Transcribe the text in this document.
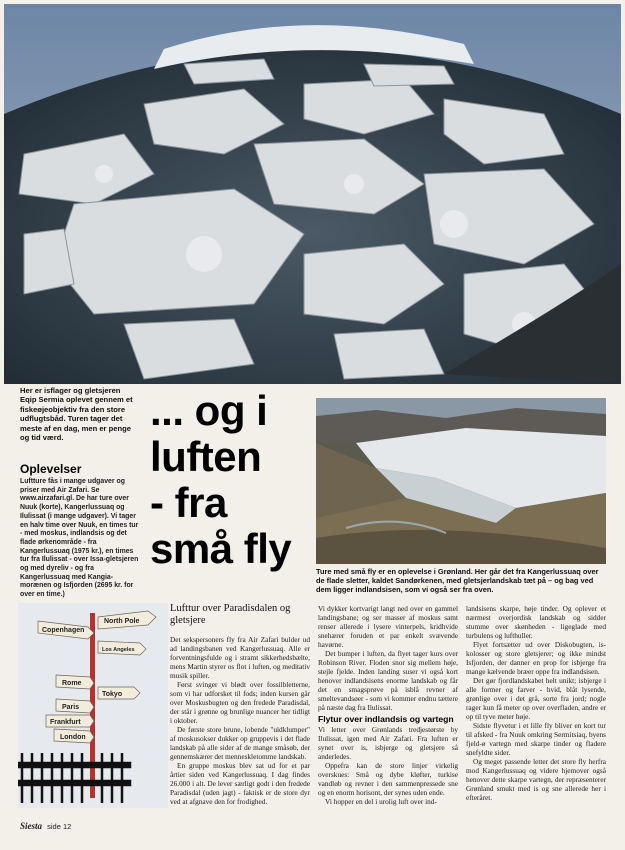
Her er isflager og gletsjeren Eqip Sermia oplevet gennem et fiskeøjeobjektiv fra den store udflugtsbåd. Turen tager det meste af en dag, men er penge og tid værd.
Oplevelser

Luftture fås i mange udgaver og priser med Air Zafari. Se www.airzafari.gl. De har ture over Nuuk (korte), Kangerlussuaq og Ilulissat (i mange udgaver). Vi tager en halv time over Nuuk, en times tur - med moskus, indlandsis og det flade ørkenområde - fra Kangerlussuaq (1975 kr.), en times tur fra Ilulissat - over Issa-gletsjeren og med dyreliv - og fra Kangerlussuaq med Kangia-morænen og Isfjorden (2695 kr. for over en time.)

... og i
luften
- fra
små fly	Ture med små fly er en oplevelse i Grønland. Her går det fra Kangerlussuaq over de flade sletter, kaldet Sandørkenen, med gletsjerlandskab tæt på – og bag ved dem ligger indlandsisen, som vi også ser fra oven.
Copenhagen
North Pole
Los Angeles
Rome
Tokyo
Paris
Frankfurt
London
Lufttur over Paradisdalen og gletsjere

Det sekspersoners fly fra Air Zafari bulder ud ad landingsbanen ved Kangerlussuaq. Alle er forventningsfulde og i stramt sikkerhedsbælte, mens Martin styrer os flot i luften, og meditativ musik spiller.

Først svinger vi blødt over fossilbletterne, som vi har udforsket til fods; inden kursen går over Moskusbugten og den fredede Paradisdal, der står i grønne og brunlige nuancer her tidligt i oktober.

De første store brune, lobende "uldklumper" af moskusokser dukker op gruppevis i det flade landskab på alle sider af de mange småsøb, der gennemskærer det menneskletomme landskab.

En gruppe moskus blev sat ud for et par årtier siden ved Kangerlussuaq. I dag findes 26.000 i alt. De lever særligt godt i den fredede Paradisdal (uden jagt) - faktisk er de store dyr ved at afgnave den for frodighed.

Vi dykker kortvarigt langt ned over en gammel landingsbane; og ser masser af moskus samt renser allerede i lysere vinterpels, kridhvide snehærer foruden et par enkelt svævende havørne.

Det bumper i luften, da flyet tager kurs over Robinson River. Floden snor sig mellem høje, stejle fjelde. Inden landing suser vi også kort henover indlandsisens enorme landskab og får det en smagsprøve på isblå revner af smeltevandsøer - som vi kommer endnu tættere på næste dag fra Ilulissat.

Flytur over indlandsis og vartegn

Vi letter over Grønlands tredjestørste by Ilulissat, igen med Air Zafari. Fra luften er synet over is, isbjerge og gletsjere så anderledes.

Oppefra kan de store linjer virkelig overskues: Små og dybe kløfter, turkise vandløb og revner i den sammenpressede sne og en enorm horisont, der synes uden ende.

Vi hopper en del i urolig luft over ind-

landsisens skarpe, høje tinder. Og oplever et nærmest overjordisk landskab og sidder stumme over skønheden - ligeglade med turbulens og lufthuller.

Flyet fortsætter ud over Diskobugten, is-kolosser og store gletsjerer; og ikke mindst Isfjorden, der danner en prop for isbjerge fra mange kælvende bræer oppe fra indlandsisen.

Det gør fjordlandskabet helt unikt; isbjerge i alle former og farver - hvid, blåt lysende, grønlige over i det grå, sorte fra jord; nogle rager kun få meter op over overfladen, andre er op til tyve meter høje.

Sidste flyvetur i et lille fly bliver en kort tur til afsked - fra Nuuk omkring Sermitsiaq, byens fjeld-ø vartegn med skarpe tinder og fladere snefyldte sider.

Og meget passende letter det store fly herfra mod Kangerlussuaq og videre hjemover også henover dette skarpe vartegn, der repræsenterer Grønland smukt med is og sne allerede her i efteråret.

Siesta side 12
